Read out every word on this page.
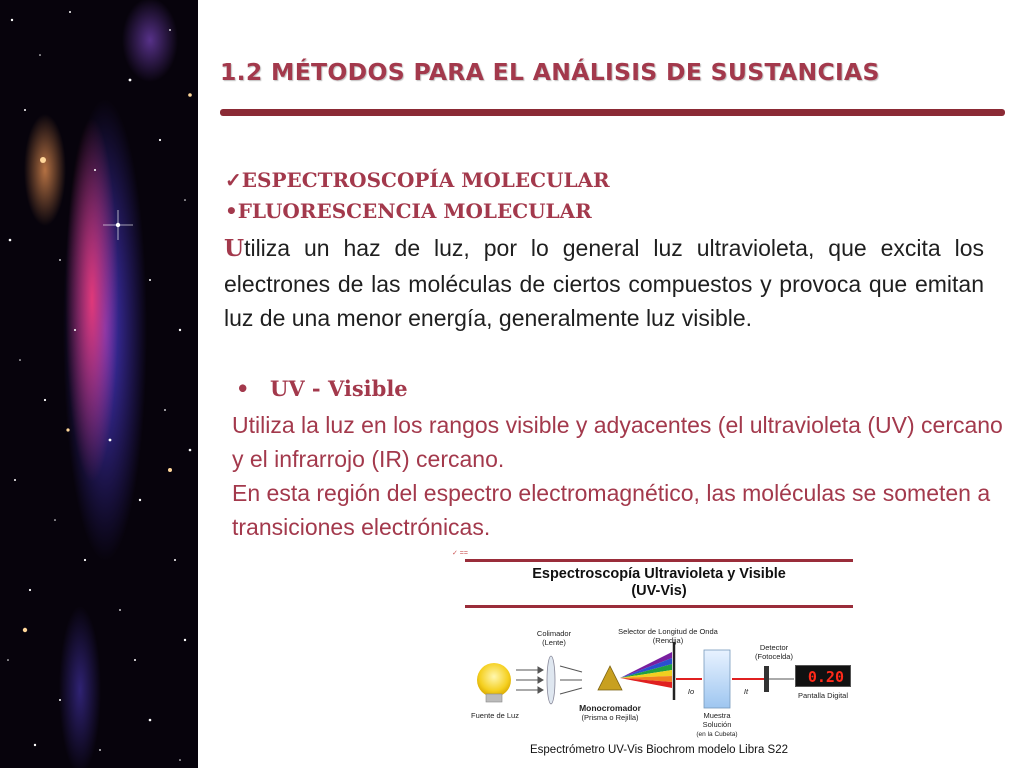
1.2 MÉTODOS PARA EL ANÁLISIS DE SUSTANCIAS
✓ESPECTROSCOPÍA MOLECULAR
•FLUORESCENCIA MOLECULAR
Utiliza un haz de luz, por lo general luz ultravioleta, que excita los electrones de las moléculas de ciertos compuestos y provoca que emitan luz de una menor energía, generalmente luz visible.
• UV - Visible
Utiliza la luz en los rangos visible y adyacentes (el ultravioleta (UV) cercano y el infrarrojo (IR) cercano.
En esta región del espectro electromagnético, las moléculas se someten a transiciones electrónicas.
✓ ==
Espectroscopía Ultravioleta y Visible
(UV-Vis)
Colimador
(Lente)
Selector de Longitud de Onda
(Rendija)
Detector
(Fotocelda)
Fuente de Luz
Monocromador
(Prisma o Rejilla)
Io	It
Muestra
Solución
(en la Cubeta)
0.20
Pantalla Digital
Espectrómetro UV-Vis Biochrom modelo Libra S22
